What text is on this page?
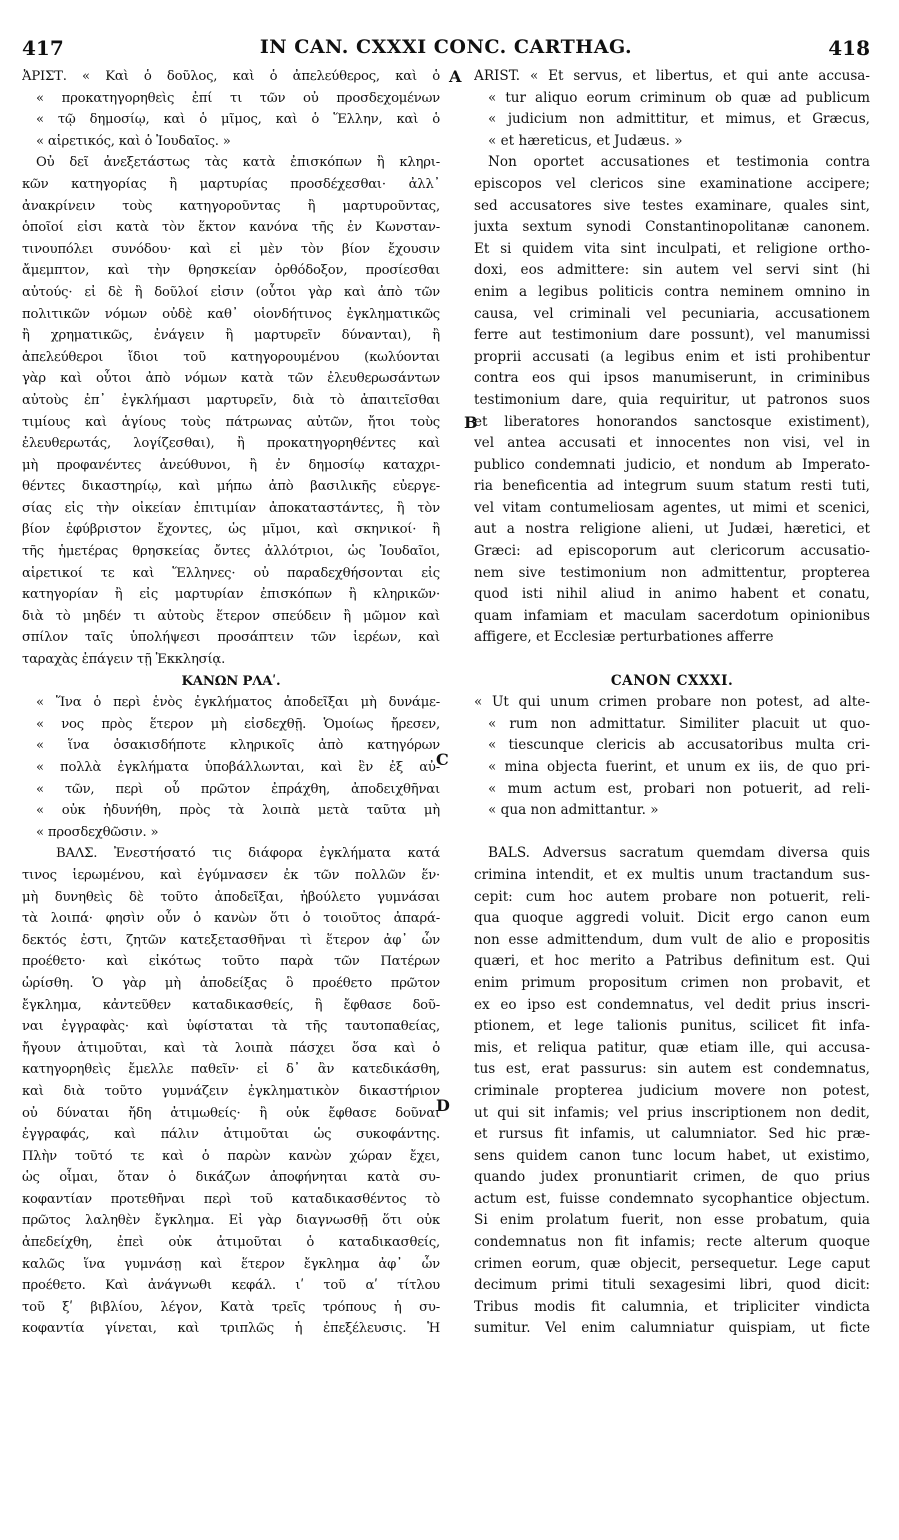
417	IN CAN. CXXXI CONC. CARTHAG.	418
A
B
C
D
ἈΡΙΣΤ. « Καὶ ὁ δοῦλος, καὶ ὁ ἀπελεύθερος, καὶ ὁ
« προκατηγορηθεὶς ἐπί τι τῶν οὐ προσδεχομένων
« τῷ δημοσίῳ, καὶ ὁ μῖμος, καὶ ὁ Ἕλλην, καὶ ὁ
« αἱρετικός, καὶ ὁ Ἰουδαῖος. »
Οὐ δεῖ ἀνεξετάστως τὰς κατὰ ἐπισκόπων ἢ κληρι-
κῶν κατηγορίας ἢ μαρτυρίας προσδέχεσθαι· ἀλλ᾽
ἀνακρίνειν τοὺς κατηγοροῦντας ἢ μαρτυροῦντας,
ὁποῖοί εἰσι κατὰ τὸν ἕκτον κανόνα τῆς ἐν Κωνσταν-
τινουπόλει συνόδου· καὶ εἰ μὲν τὸν βίον ἔχουσιν
ἄμεμπτον, καὶ τὴν θρησκείαν ὀρθόδοξον, προσίεσθαι
αὐτούς· εἰ δὲ ἢ δοῦλοί εἰσιν (οὗτοι γὰρ καὶ ἀπὸ τῶν
πολιτικῶν νόμων οὐδὲ καθ᾽ οἱονδήτινος ἐγκληματικῶς
ἢ χρηματικῶς, ἐνάγειν ἢ μαρτυρεῖν δύνανται), ἢ
ἀπελεύθεροι ἴδιοι τοῦ κατηγορουμένου (κωλύονται
γὰρ καὶ οὗτοι ἀπὸ νόμων κατὰ τῶν ἐλευθερωσάντων
αὐτοὺς ἐπ᾽ ἐγκλήμασι μαρτυρεῖν, διὰ τὸ ἀπαιτεῖσθαι
τιμίους καὶ ἁγίους τοὺς πάτρωνας αὐτῶν, ἤτοι τοὺς
ἐλευθερωτάς, λογίζεσθαι), ἢ προκατηγορηθέντες καὶ
μὴ προφανέντες ἀνεύθυνοι, ἢ ἐν δημοσίῳ καταχρι-
θέντες δικαστηρίῳ, καὶ μήπω ἀπὸ βασιλικῆς εὐεργε-
σίας εἰς τὴν οἰκείαν ἐπιτιμίαν ἀποκαταστάντες, ἢ τὸν
βίον ἐφύβριστον ἔχοντες, ὡς μῖμοι, καὶ σκηνικοί· ἢ
τῆς ἡμετέρας θρησκείας ὄντες ἀλλότριοι, ὡς Ἰουδαῖοι,
αἱρετικοί τε καὶ Ἕλληνες· οὐ παραδεχθήσονται εἰς
κατηγορίαν ἢ εἰς μαρτυρίαν ἐπισκόπων ἢ κληρικῶν·
διὰ τὸ μηδέν τι αὐτοὺς ἕτερον σπεύδειν ἢ μῶμον καὶ
σπίλον ταῖς ὑπολήψεσι προσάπτειν τῶν ἱερέων, καὶ
ταραχὰς ἐπάγειν τῇ Ἐκκλησίᾳ.
ΚΑΝΩΝ ΡΛΑʹ.
« Ἵνα ὁ περὶ ἑνὸς ἐγκλήματος ἀποδεῖξαι μὴ δυνάμε-
« νος πρὸς ἕτερον μὴ εἰσδεχθῇ. Ὁμοίως ἤρεσεν,
« ἵνα ὁσακισδήποτε κληρικοῖς ἀπὸ κατηγόρων
« πολλὰ ἐγκλήματα ὑποβάλλωνται, καὶ ἓν ἐξ αὐ-
« τῶν, περὶ οὗ πρῶτον ἐπράχθη, ἀποδειχθῆναι
« οὐκ ἠδυνήθη, πρὸς τὰ λοιπὰ μετὰ ταῦτα μὴ
« προσδεχθῶσιν. »
ΒΑΛΣ. Ἐνεστήσατό τις διάφορα ἐγκλήματα κατά
τινος ἱερωμένου, καὶ ἐγύμνασεν ἐκ τῶν πολλῶν ἕν·
μὴ δυνηθεὶς δὲ τοῦτο ἀποδεῖξαι, ἠβούλετο γυμνάσαι
τὰ λοιπά· φησὶν οὖν ὁ κανὼν ὅτι ὁ τοιοῦτος ἀπαρά-
δεκτός ἐστι, ζητῶν κατεξετασθῆναι τὶ ἕτερον ἀφ᾽ ὧν
προέθετο· καὶ εἰκότως τοῦτο παρὰ τῶν Πατέρων
ὡρίσθη. Ὁ γὰρ μὴ ἀποδείξας ὃ προέθετο πρῶτον
ἔγκλημα, κἀντεῦθεν καταδικασθείς, ἢ ἔφθασε δοῦ-
ναι ἐγγραφὰς· καὶ ὑφίσταται τὰ τῆς ταυτοπαθείας,
ἤγουν ἀτιμοῦται, καὶ τὰ λοιπὰ πάσχει ὅσα καὶ ὁ
κατηγορηθεὶς ἔμελλε παθεῖν· εἰ δ᾽ ἂν κατεδικάσθη,
καὶ διὰ τοῦτο γυμνάζειν ἐγκληματικὸν δικαστήριον
οὐ δύναται ἤδη ἀτιμωθείς· ἢ οὐκ ἔφθασε δοῦναι
ἐγγραφάς, καὶ πάλιν ἀτιμοῦται ὡς συκοφάντης.
Πλὴν τοῦτό τε καὶ ὁ παρὼν κανὼν χώραν ἔχει,
ὡς οἶμαι, ὅταν ὁ δικάζων ἀποφήνηται κατὰ συ-
κοφαντίαν προτεθῆναι περὶ τοῦ καταδικασθέντος τὸ
πρῶτος λαληθὲν ἔγκλημα. Εἰ γὰρ διαγνωσθῇ ὅτι οὐκ
ἀπεδείχθη, ἐπεὶ οὐκ ἀτιμοῦται ὁ καταδικασθείς,
καλῶς ἵνα γυμνάσῃ καὶ ἕτερον ἔγκλημα ἀφ᾽ ὧν
προέθετο. Καὶ ἀνάγνωθι κεφάλ. ιʹ τοῦ αʹ τίτλου
τοῦ ξʹ βιβλίου, λέγον, Κατὰ τρεῖς τρόπους ἡ συ-
κοφαντία γίνεται, καὶ τριπλῶς ἡ ἐπεξέλευσις. Ἡ
ARIST. « Et servus, et libertus, et qui ante accusa-
« tur aliquo eorum criminum ob quæ ad publicum
« judicium non admittitur, et mimus, et Græcus,
« et hæreticus, et Judæus. »
Non oportet accusationes et testimonia contra
episcopos vel clericos sine examinatione accipere;
sed accusatores sive testes examinare, quales sint,
juxta sextum synodi Constantinopolitanæ canonem.
Et si quidem vita sint inculpati, et religione ortho-
doxi, eos admittere: sin autem vel servi sint (hi
enim a legibus politicis contra neminem omnino in
causa, vel criminali vel pecuniaria, accusationem
ferre aut testimonium dare possunt), vel manumissi
proprii accusati (a legibus enim et isti prohibentur
contra eos qui ipsos manumiserunt, in criminibus
testimonium dare, quia requiritur, ut patronos suos
et liberatores honorandos sanctosque existiment),
vel antea accusati et innocentes non visi, vel in
publico condemnati judicio, et nondum ab Imperato-
ria beneficentia ad integrum suum statum resti tuti,
vel vitam contumeliosam agentes, ut mimi et scenici,
aut a nostra religione alieni, ut Judæi, hæretici, et
Græci: ad episcoporum aut clericorum accusatio-
nem sive testimonium non admittentur, propterea
quod isti nihil aliud in animo habent et conatu,
quam infamiam et maculam sacerdotum opinionibus
affigere, et Ecclesiæ perturbationes afferre
CANON CXXXI.
« Ut qui unum crimen probare non potest, ad alte-
« rum non admittatur. Similiter placuit ut quo-
« tiescunque clericis ab accusatoribus multa cri-
« mina objecta fuerint, et unum ex iis, de quo pri-
« mum actum est, probari non potuerit, ad reli-
« qua non admittantur. »
BALS. Adversus sacratum quemdam diversa quis
crimina intendit, et ex multis unum tractandum sus-
cepit: cum hoc autem probare non potuerit, reli-
qua quoque aggredi voluit. Dicit ergo canon eum
non esse admittendum, dum vult de alio e propositis
quæri, et hoc merito a Patribus definitum est. Qui
enim primum propositum crimen non probavit, et
ex eo ipso est condemnatus, vel dedit prius inscri-
ptionem, et lege talionis punitus, scilicet fit infa-
mis, et reliqua patitur, quæ etiam ille, qui accusa-
tus est, erat passurus: sin autem est condemnatus,
criminale propterea judicium movere non potest,
ut qui sit infamis; vel prius inscriptionem non dedit,
et rursus fit infamis, ut calumniator. Sed hic præ-
sens quidem canon tunc locum habet, ut existimo,
quando judex pronuntiarit crimen, de quo prius
actum est, fuisse condemnato sycophantice objectum.
Si enim prolatum fuerit, non esse probatum, quia
condemnatus non fit infamis; recte alterum quoque
crimen eorum, quæ objecit, persequetur. Lege caput
decimum primi tituli sexagesimi libri, quod dicit:
Tribus modis fit calumnia, et tripliciter vindicta
sumitur. Vel enim calumniatur quispiam, ut ficte
